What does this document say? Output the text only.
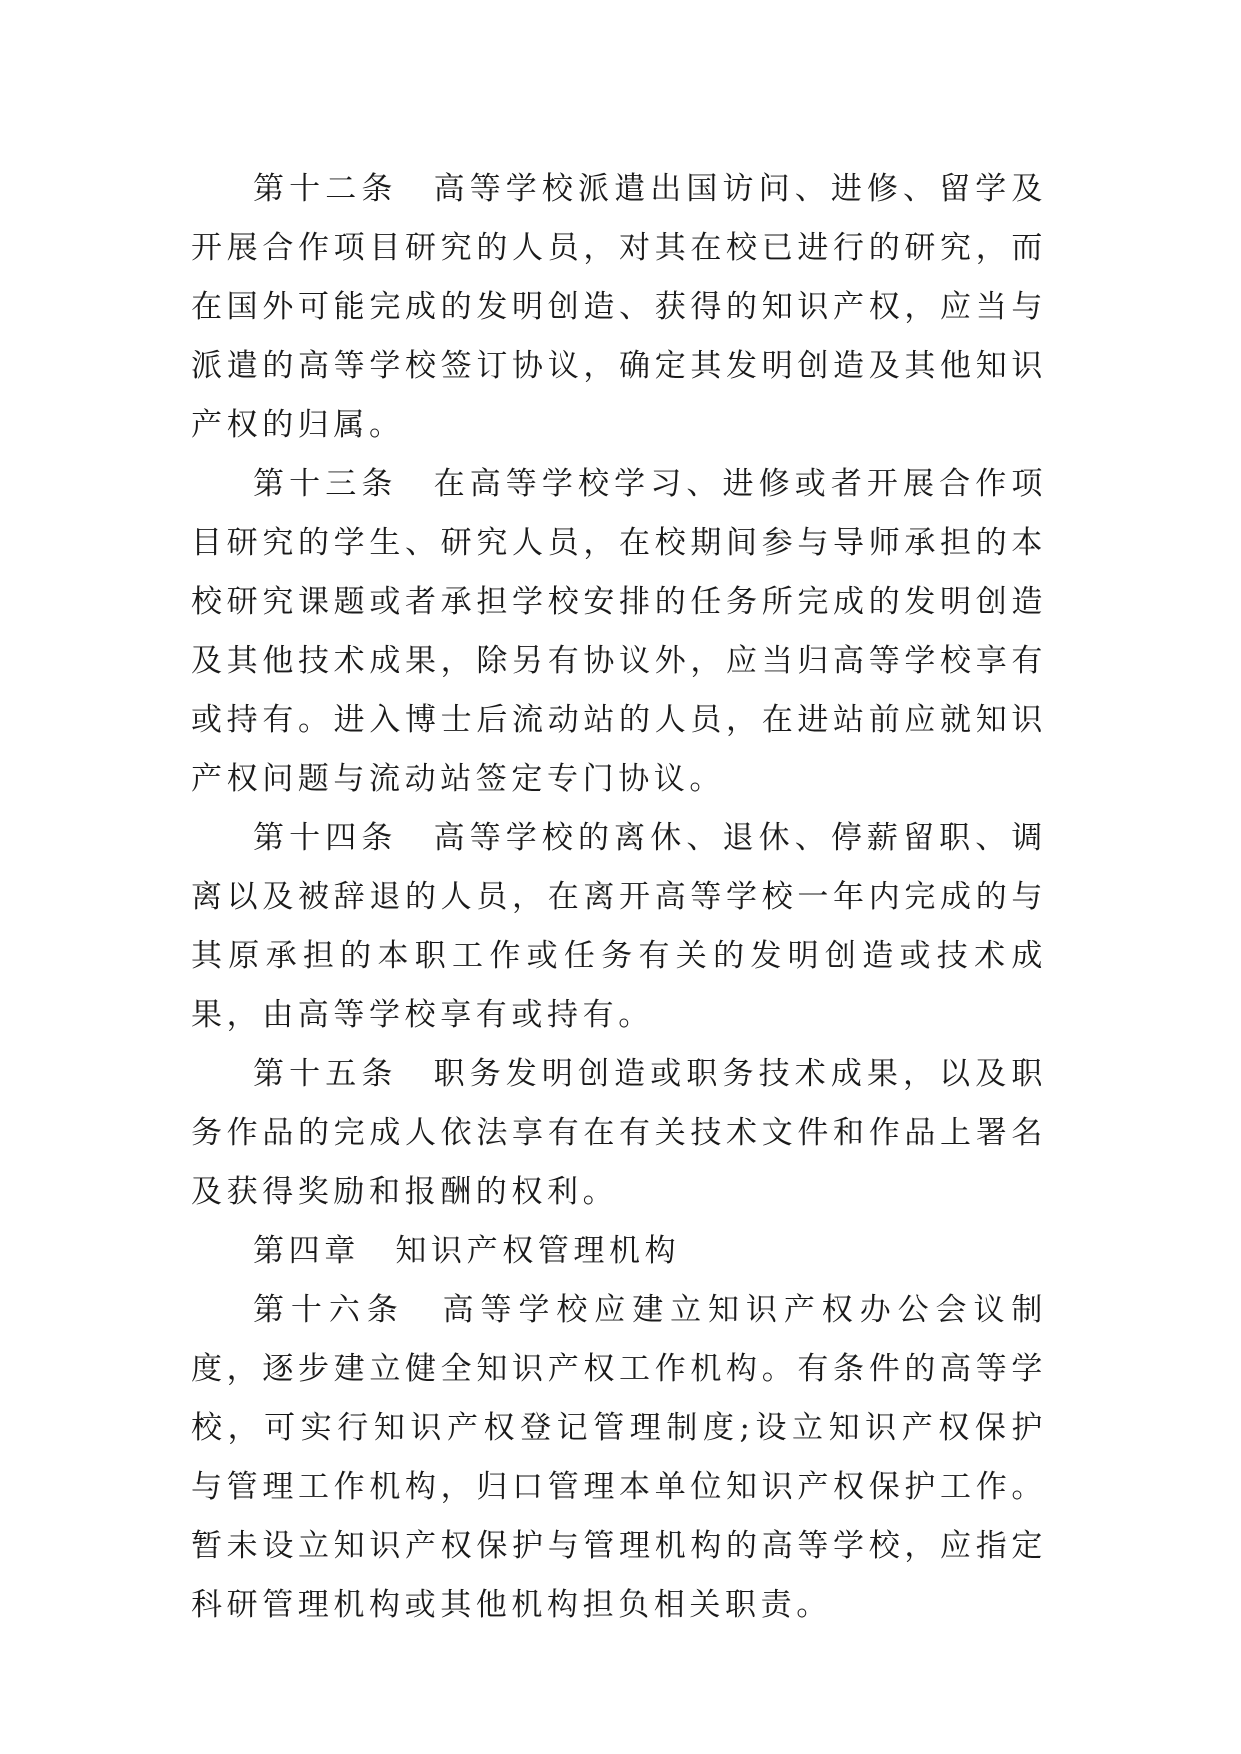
第十二条　 高等学校派遣出国访问、进修、留学及开展合作项目研究的人员，对其在校已进行的研究，而在国外可能完成的发明创造、获得的知识产权，应当与派遣的高等学校签订协议，确定其发明创造及其他知识产权的归属。

第十三条　 在高等学校学习、进修或者开展合作项目研究的学生、研究人员，在校期间参与导师承担的本校研究课题或者承担学校安排的任务所完成的发明创造及其他技术成果，除另有协议外，应当归高等学校享有或持有。进入博士后流动站的人员，在进站前应就知识产权问题与流动站签定专门协议。

第十四条　 高等学校的离休、退休、停薪留职、调离以及被辞退的人员，在离开高等学校一年内完成的与其原承担的本职工作或任务有关的发明创造或技术成果，由高等学校享有或持有。

第十五条　 职务发明创造或职务技术成果，以及职务作品的完成人依法享有在有关技术文件和作品上署名及获得奖励和报酬的权利。

第四章　 知识产权管理机构

第十六条　 高等学校应建立知识产权办公会议制度，逐步建立健全知识产权工作机构。有条件的高等学校，可实行知识产权登记管理制度;设立知识产权保护与管理工作机构，归口管理本单位知识产权保护工作。暂未设立知识产权保护与管理机构的高等学校，应指定科研管理机构或其他机构担负相关职责。
